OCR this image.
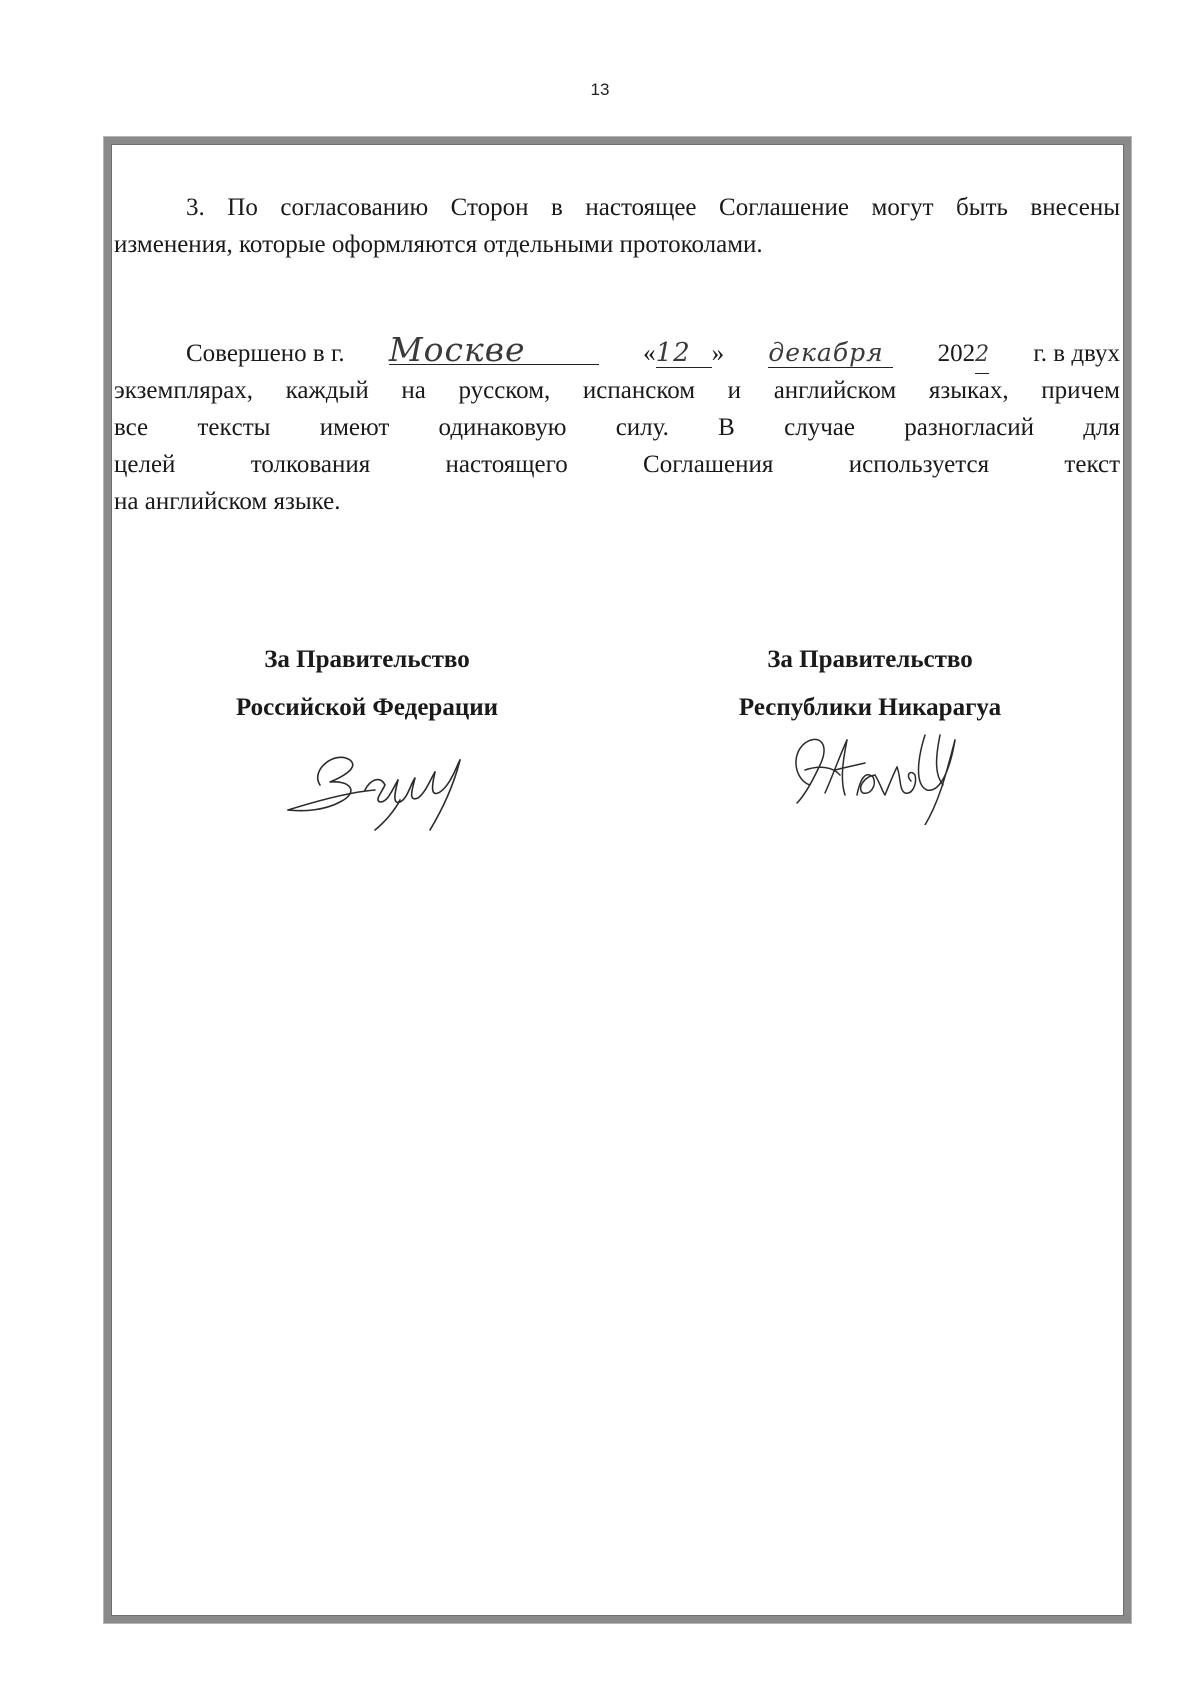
13
3. По согласованию Сторон в настоящее Соглашение могут быть внесены
изменения, которые оформляются отдельными протоколами.
Совершено в г. Москве	«12 » декабря	2022 г. в двух
экземплярах, каждый на русском, испанском и английском языках, причем
все текcты имеют одинаковую силу. В случае разногласий для
целей толкования настоящего Соглашения используется текст
на английском языке.
За Правительство
Российской Федерации
За Правительство
Республики Никарагуа
